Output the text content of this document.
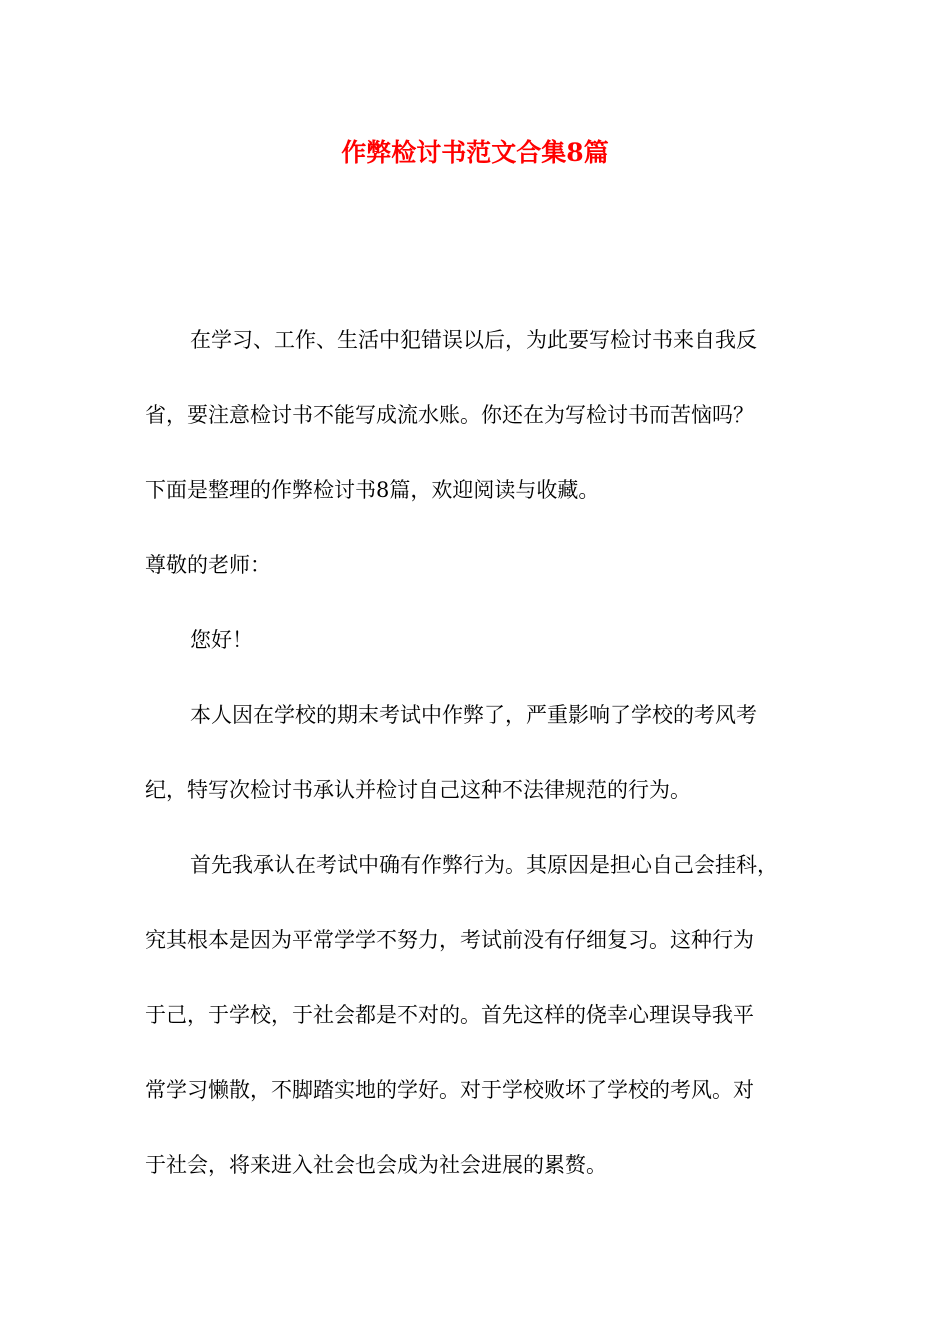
作弊检讨书范文合集8篇
在学习、工作、生活中犯错误以后，为此要写检讨书来自我反
省，要注意检讨书不能写成流水账。你还在为写检讨书而苦恼吗？
下面是整理的作弊检讨书8篇，欢迎阅读与收藏。
尊敬的老师：
您好！
本人因在学校的期末考试中作弊了，严重影响了学校的考风考
纪，特写次检讨书承认并检讨自己这种不法律规范的行为。
首先我承认在考试中确有作弊行为。其原因是担心自己会挂科，
究其根本是因为平常学学不努力，考试前没有仔细复习。这种行为
于己，于学校，于社会都是不对的。首先这样的侥幸心理误导我平
常学习懒散，不脚踏实地的学好。对于学校败坏了学校的考风。对
于社会，将来进入社会也会成为社会进展的累赘。
